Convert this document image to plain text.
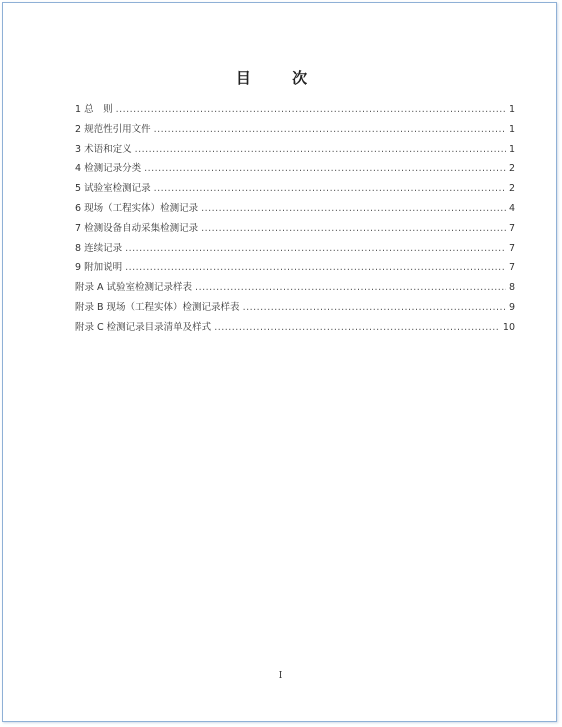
目 次
1 总　则 .....	1
2 规范性引用文件 .....	1
3 术语和定义 .....	1
4 检测记录分类 .....	2
5 试验室检测记录 .....	2
6 现场（工程实体）检测记录 .....	4
7 检测设备自动采集检测记录 .....	7
8 连续记录 .....	7
9 附加说明 .....	7
附录 A 试验室检测记录样表 .....	8
附录 B 现场（工程实体）检测记录样表 .....	9
附录 C 检测记录目录清单及样式 .....	10
I
